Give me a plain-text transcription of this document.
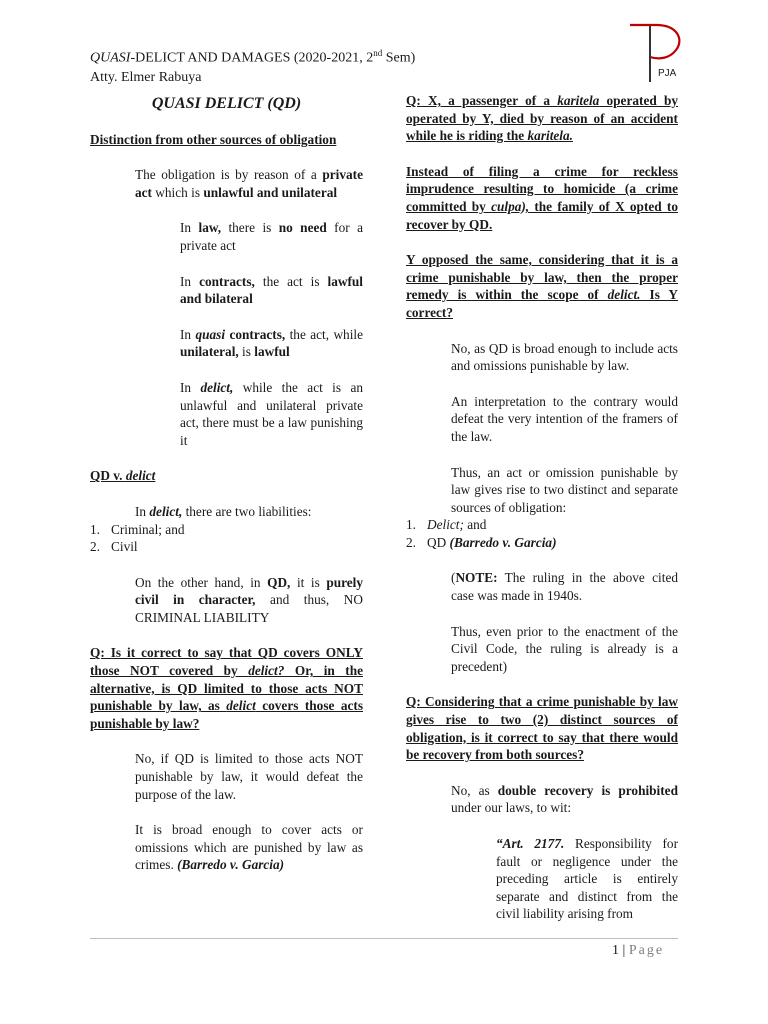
QUASI-DELICT AND DAMAGES (2020-2021, 2nd Sem)
Atty. Elmer Rabuya	PJA

QUASI DELICT (QD)

Distinction from other sources of obligation

The obligation is by reason of a private act which is unlawful and unilateral

In law, there is no need for a private act

In contracts, the act is lawful and bilateral

In quasi contracts, the act, while unilateral, is lawful

In delict, while the act is an unlawful and unilateral private act, there must be a law punishing it

QD v. delict

In delict, there are two liabilities:

1. Criminal; and
2. Civil

On the other hand, in QD, it is purely civil in character, and thus, NO CRIMINAL LIABILITY

Q: Is it correct to say that QD covers ONLY those NOT covered by delict? Or, in the alternative, is QD limited to those acts NOT punishable by law, as delict covers those acts punishable by law?

No, if QD is limited to those acts NOT punishable by law, it would defeat the purpose of the law.

It is broad enough to cover acts or omissions which are punished by law as crimes. (Barredo v. Garcia)

Q: X, a passenger of a karitela operated by operated by Y, died by reason of an accident while he is riding the karitela.

Instead of filing a crime for reckless imprudence resulting to homicide (a crime committed by culpa), the family of X opted to recover by QD.

Y opposed the same, considering that it is a crime punishable by law, then the proper remedy is within the scope of delict. Is Y correct?

No, as QD is broad enough to include acts and omissions punishable by law.

An interpretation to the contrary would defeat the very intention of the framers of the law.

Thus, an act or omission punishable by law gives rise to two distinct and separate sources of obligation:

1. Delict; and
2. QD (Barredo v. Garcia)

(NOTE: The ruling in the above cited case was made in 1940s.

Thus, even prior to the enactment of the Civil Code, the ruling is already is a precedent)

Q: Considering that a crime punishable by law gives rise to two (2) distinct sources of obligation, is it correct to say that there would be recovery from both sources?

No, as double recovery is prohibited under our laws, to wit:

“Art. 2177. Responsibility for fault or negligence under the preceding article is entirely separate and distinct from the civil liability arising from

1 | Page
